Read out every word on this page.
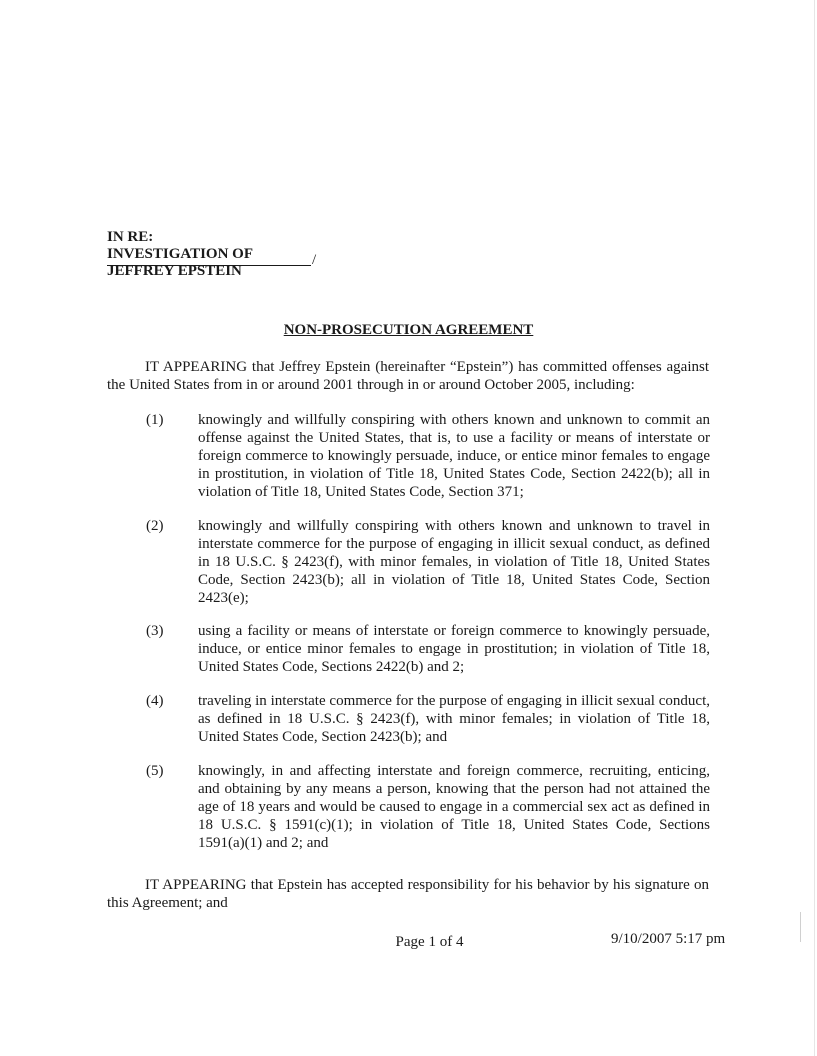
IN RE:
INVESTIGATION OF
JEFFREY EPSTEIN
/
NON-PROSECUTION AGREEMENT

IT APPEARING that Jeffrey Epstein (hereinafter “Epstein”) has committed offenses against the United States from in or around 2001 through in or around October 2005, including:

(1)	knowingly and willfully conspiring with others known and unknown to commit an offense against the United States, that is, to use a facility or means of interstate or foreign commerce to knowingly persuade, induce, or entice minor females to engage in prostitution, in violation of Title 18, United States Code, Section 2422(b); all in violation of Title 18, United States Code, Section 371;

(2)	knowingly and willfully conspiring with others known and unknown to travel in interstate commerce for the purpose of engaging in illicit sexual conduct, as defined in 18 U.S.C. § 2423(f), with minor females, in violation of Title 18, United States Code, Section 2423(b); all in violation of Title 18, United States Code, Section 2423(e);

(3)	using a facility or means of interstate or foreign commerce to knowingly persuade, induce, or entice minor females to engage in prostitution; in violation of Title 18, United States Code, Sections 2422(b) and 2;

(4)	traveling in interstate commerce for the purpose of engaging in illicit sexual conduct, as defined in 18 U.S.C. § 2423(f), with minor females; in violation of Title 18, United States Code, Section 2423(b); and

(5)	knowingly, in and affecting interstate and foreign commerce, recruiting, enticing, and obtaining by any means a person, knowing that the person had not attained the age of 18 years and would be caused to engage in a commercial sex act as defined in 18 U.S.C. § 1591(c)(1); in violation of Title 18, United States Code, Sections 1591(a)(1) and 2; and

IT APPEARING that Epstein has accepted responsibility for his behavior by his signature on this Agreement; and

Page 1 of 4	9/10/2007 5:17 pm
